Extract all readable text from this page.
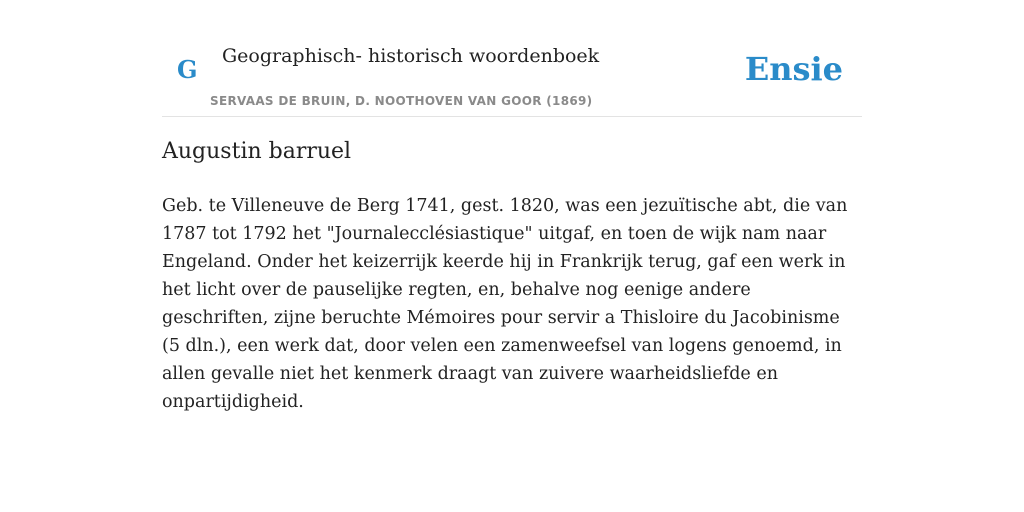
G Geographisch- historisch woordenboek
SERVAAS DE BRUIN, D. NOOTHOVEN VAN GOOR (1869)
Ensie
Augustin barruel

Geb. te Villeneuve de Berg 1741, gest. 1820, was een jezuïtische abt, die van 1787 tot 1792 het "Journalecclésiastique" uitgaf, en toen de wijk nam naar Engeland. Onder het keizerrijk keerde hij in Frankrijk terug, gaf een werk in het licht over de pauselijke regten, en, behalve nog eenige andere geschriften, zijne beruchte Mémoires pour servir a Thisloire du Jacobinisme (5 dln.), een werk dat, door velen een zamenweefsel van logens genoemd, in allen gevalle niet het kenmerk draagt van zuivere waarheidsliefde en onpartijdigheid.
